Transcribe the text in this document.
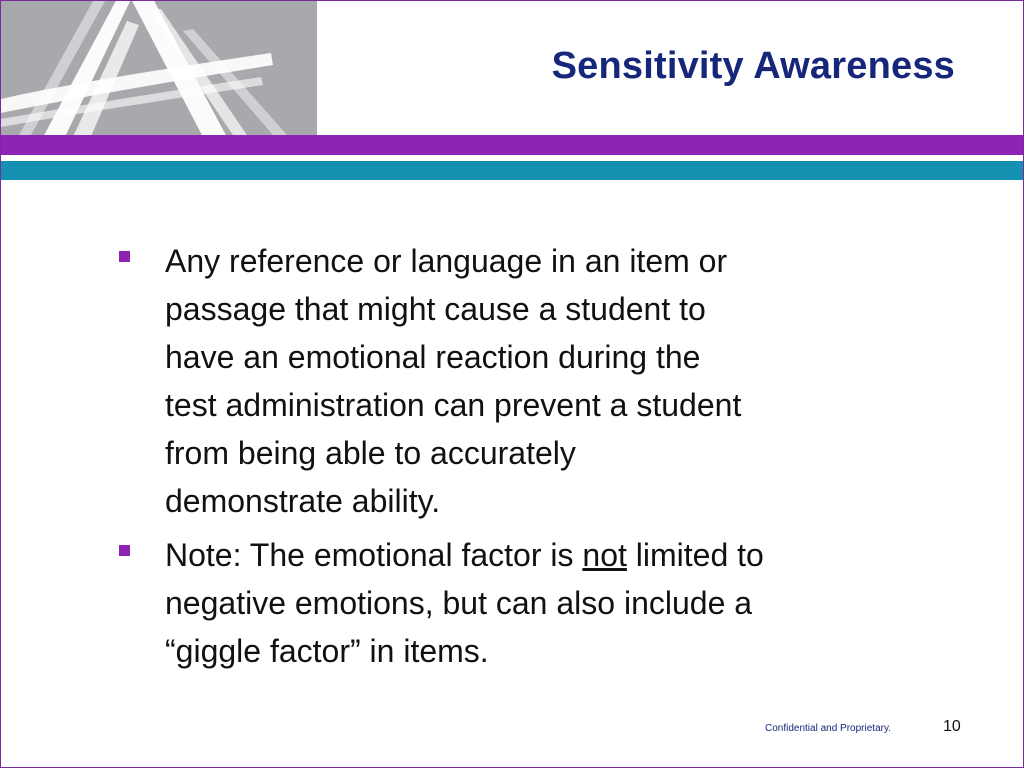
Sensitivity Awareness
Any reference or language in an item or
passage that might cause a student to
have an emotional reaction during the
test administration can prevent a student
from being able to accurately
demonstrate ability.
Note: The emotional factor is not limited to
negative emotions, but can also include a
“giggle factor” in items.
Confidential and Proprietary.	10
